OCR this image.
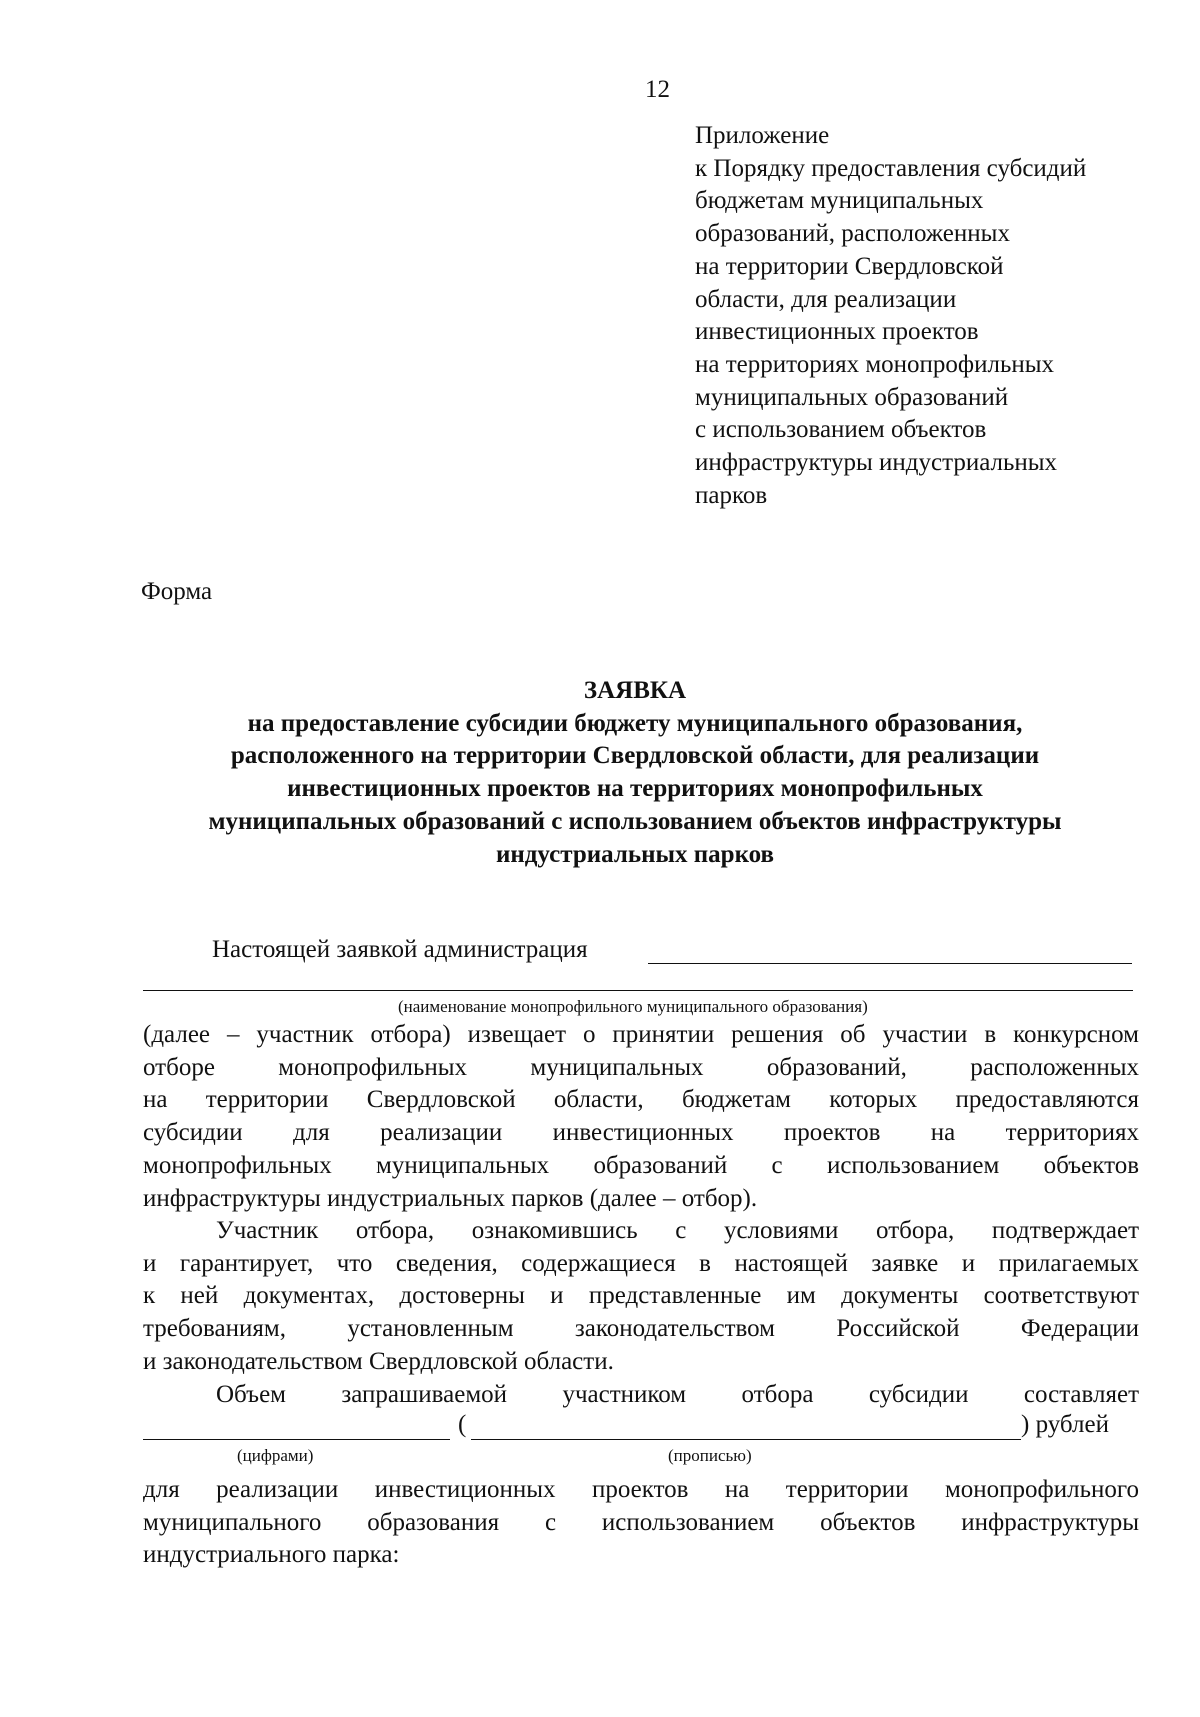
12
Приложение
к Порядку предоставления субсидий
бюджетам муниципальных
образований, расположенных
на территории Свердловской
области, для реализации
инвестиционных проектов
на территориях монопрофильных
муниципальных образований
с использованием объектов
инфраструктуры индустриальных
парков
Форма
ЗАЯВКА
на предоставление субсидии бюджету муниципального образования,
расположенного на территории Свердловской области, для реализации
инвестиционных проектов на территориях монопрофильных
муниципальных образований с использованием объектов инфраструктуры
индустриальных парков
Настоящей заявкой администрация
(наименование монопрофильного муниципального образования)
(далее – участник отбора) извещает о принятии решения об участии в конкурсном
отборе монопрофильных муниципальных образований, расположенных
на территории Свердловской области, бюджетам которых предоставляются
субсидии для реализации инвестиционных проектов на территориях
монопрофильных муниципальных образований с использованием объектов
инфраструктуры индустриальных парков (далее – отбор).
Участник отбора, ознакомившись с условиями отбора, подтверждает
и гарантирует, что сведения, содержащиеся в настоящей заявке и прилагаемых
к ней документах, достоверны и представленные им документы соответствуют
требованиям, установленным законодательством Российской Федерации
и законодательством Свердловской области.
Объем запрашиваемой участником отбора субсидии составляет
(	) рублей
(цифрами)	(прописью)
для реализации инвестиционных проектов на территории монопрофильного
муниципального образования с использованием объектов инфраструктуры
индустриального парка:
